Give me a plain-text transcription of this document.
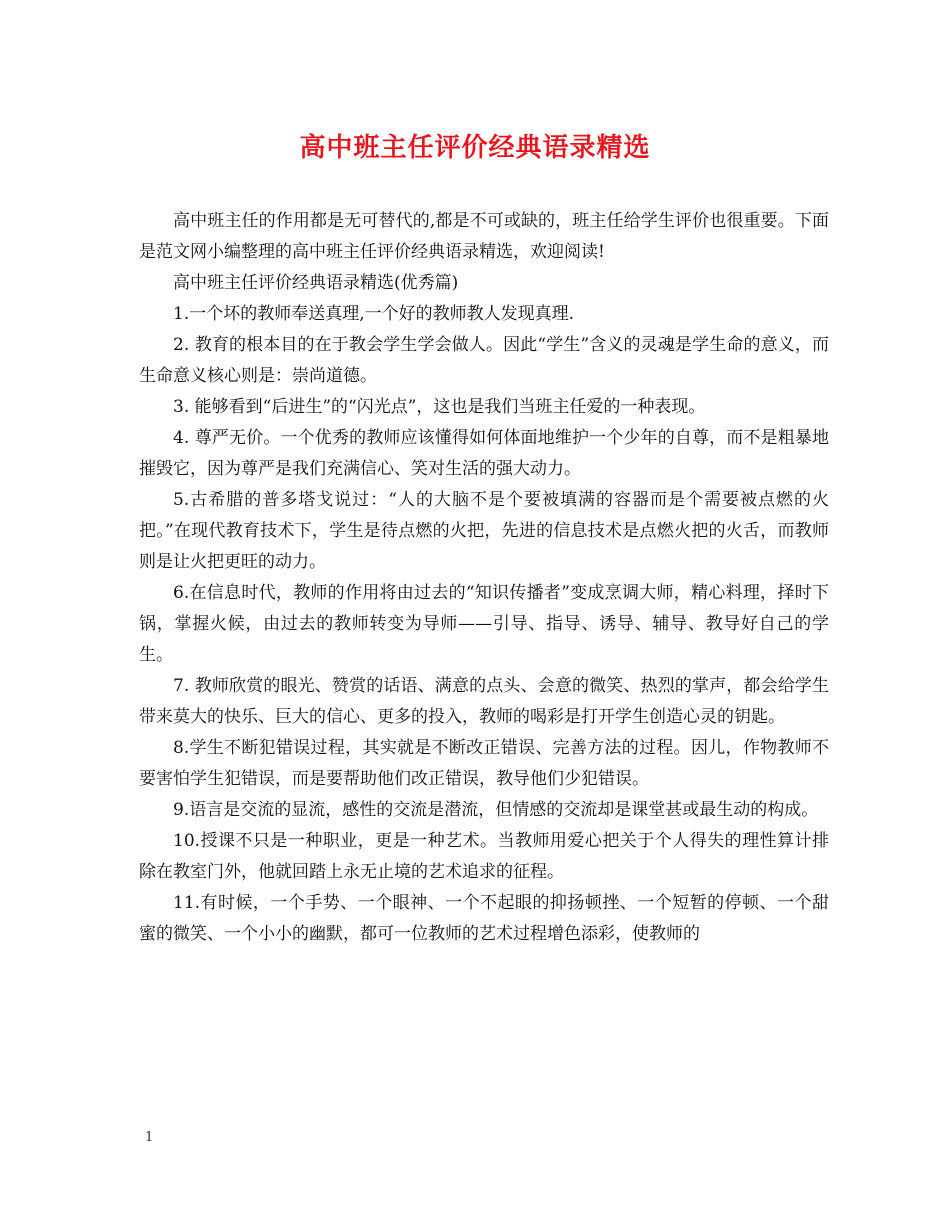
高中班主任评价经典语录精选

高中班主任的作用都是无可替代的,都是不可或缺的，班主任给学生评价也很重要。下面是范文网小编整理的高中班主任评价经典语录精选，欢迎阅读!

高中班主任评价经典语录精选(优秀篇)

1.一个坏的教师奉送真理,一个好的教师教人发现真理.

2. 教育的根本目的在于教会学生学会做人。因此“学生”含义的灵魂是学生命的意义，而生命意义核心则是：崇尚道德。

3. 能够看到“后进生”的“闪光点”，这也是我们当班主任爱的一种表现。

4. 尊严无价。一个优秀的教师应该懂得如何体面地维护一个少年的自尊，而不是粗暴地摧毁它，因为尊严是我们充满信心、笑对生活的强大动力。

5.古希腊的普多塔戈说过：“人的大脑不是个要被填满的容器而是个需要被点燃的火把。”在现代教育技术下，学生是待点燃的火把，先进的信息技术是点燃火把的火舌，而教师则是让火把更旺的动力。

6.在信息时代，教师的作用将由过去的“知识传播者”变成烹调大师，精心料理，择时下锅，掌握火候，由过去的教师转变为导师——引导、指导、诱导、辅导、教导好自己的学生。

7. 教师欣赏的眼光、赞赏的话语、满意的点头、会意的微笑、热烈的掌声，都会给学生带来莫大的快乐、巨大的信心、更多的投入，教师的喝彩是打开学生创造心灵的钥匙。

8.学生不断犯错误过程，其实就是不断改正错误、完善方法的过程。因儿，作物教师不要害怕学生犯错误，而是要帮助他们改正错误，教导他们少犯错误。

9.语言是交流的显流，感性的交流是潜流，但情感的交流却是课堂甚或最生动的构成。

10.授课不只是一种职业，更是一种艺术。当教师用爱心把关于个人得失的理性算计排除在教室门外，他就回踏上永无止境的艺术追求的征程。

11.有时候，一个手势、一个眼神、一个不起眼的抑扬顿挫、一个短暂的停顿、一个甜蜜的微笑、一个小小的幽默，都可一位教师的艺术过程增色添彩，使教师的

1
